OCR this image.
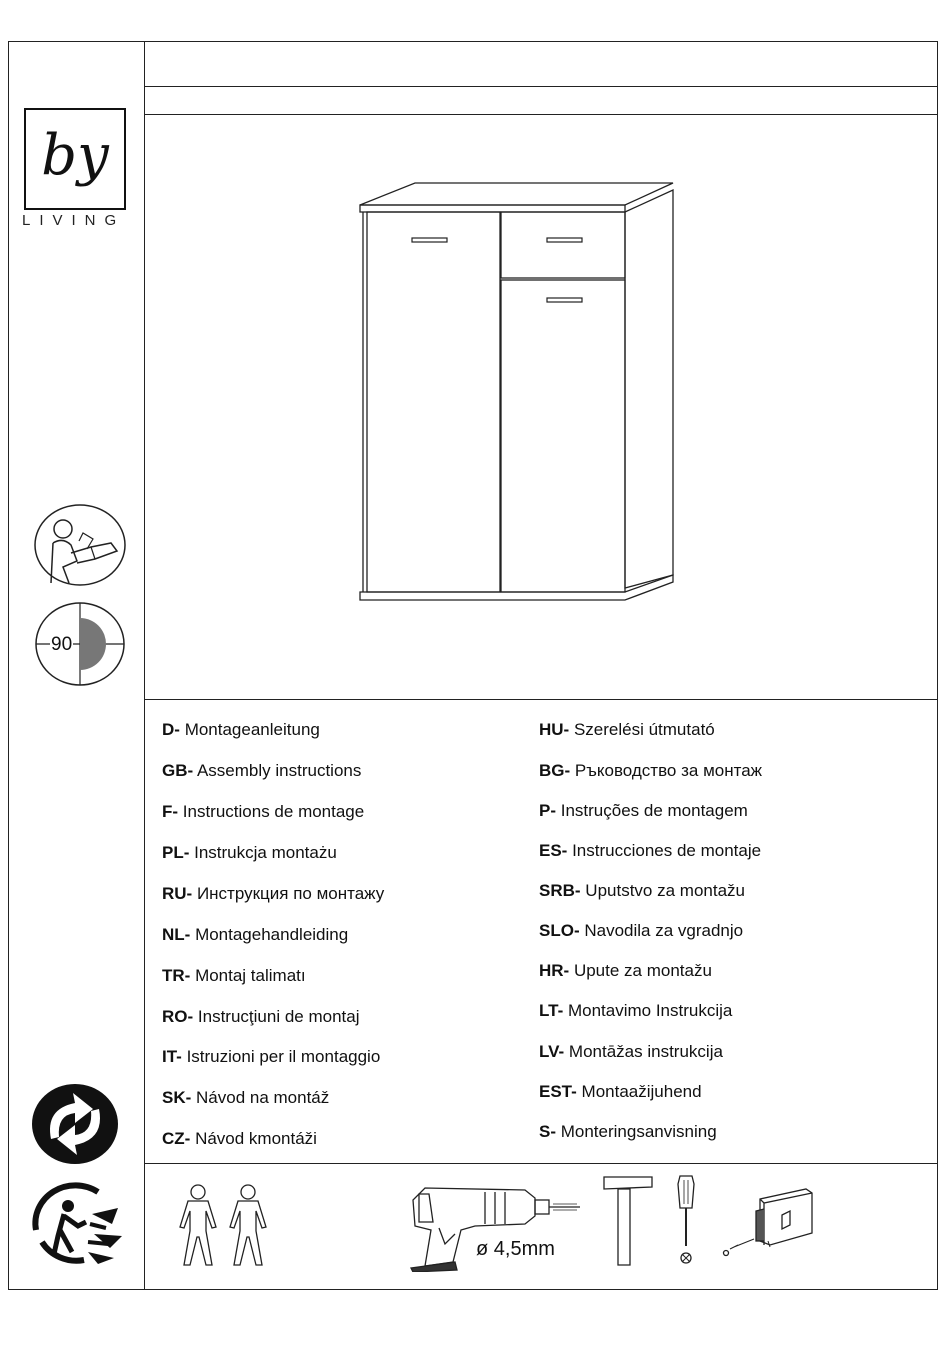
by
LIVING
90
D- Montageanleitung
GB- Assembly instructions
F- Instructions de montage
PL- Instrukcja montażu
RU- Инструкция по монтажу
NL- Montagehandleiding
TR- Montaj talimatı
RO- Instrucţiuni de montaj
IT- Istruzioni per il montaggio
SK- Návod na montáž
CZ- Návod kmontáži
HU- Szerelési útmutató
BG- Ръководство за монтаж
P- Instruções de montagem
ES- Instrucciones de montaje
SRB- Uputstvo za montažu
SLO- Navodila za vgradnjo
HR- Upute za montažu
LT- Montavimo Instrukcija
LV- Montāžas instrukcija
EST- Montaažijuhend
S- Monteringsanvisning
ø 4,5mm
